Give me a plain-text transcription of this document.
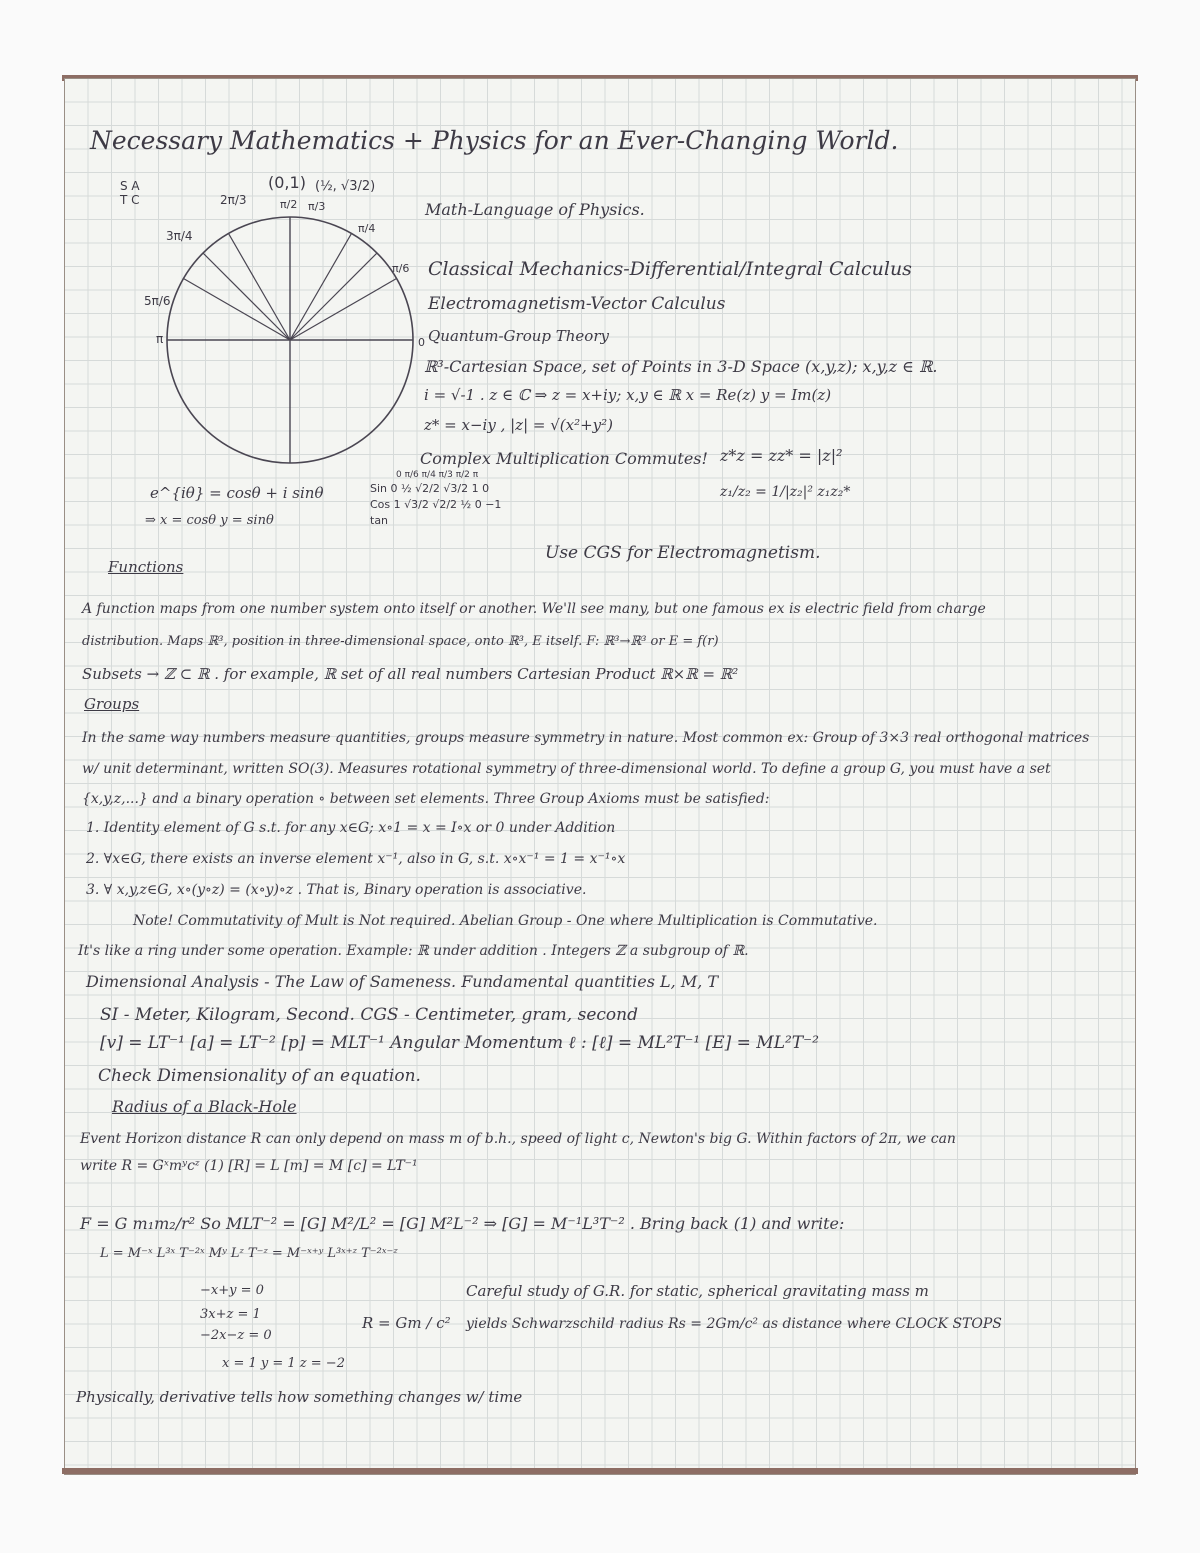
Necessary Mathematics + Physics for an Ever-Changing World.
S A
T C
(0,1) (½, √3/2)
2π/3
3π/4
5π/6
π
π/2 π/3
π/4
π/6
0
Math-Language of Physics.
Classical Mechanics-Differential/Integral Calculus
Electromagnetism-Vector Calculus
Quantum-Group Theory
ℝ³-Cartesian Space, set of Points in 3-D Space (x,y,z); x,y,z ∈ ℝ.
i = √-1 . z ∈ ℂ ⇒ z = x+iy; x,y ∈ ℝ x = Re(z) y = Im(z)
z* = x−iy , |z| = √(x²+y²)
Complex Multiplication Commutes! z*z = zz* = |z|²
z₁/z₂ = 1/|z₂|² z₁z₂*
e^{iθ} = cosθ + i sinθ
⇒ x = cosθ y = sinθ
0 π/6 π/4 π/3 π/2 π
Sin 0 ½ √2/2 √3/2 1 0
Cos 1 √3/2 √2/2 ½ 0 −1
tan
Use CGS for Electromagnetism.
Functions
A function maps from one number system onto itself or another. We'll see many, but one famous ex is electric field from charge
distribution. Maps ℝ³, position in three-dimensional space, onto ℝ³, E itself. F: ℝ³→ℝ³ or E = f(r)
Subsets → ℤ ⊂ ℝ . for example, ℝ set of all real numbers Cartesian Product ℝ×ℝ = ℝ²
Groups
In the same way numbers measure quantities, groups measure symmetry in nature. Most common ex: Group of 3×3 real orthogonal matrices
w/ unit determinant, written SO(3). Measures rotational symmetry of three-dimensional world. To define a group G, you must have a set
{x,y,z,...} and a binary operation ∘ between set elements. Three Group Axioms must be satisfied:
1. Identity element of G s.t. for any x∈G; x∘1 = x = I∘x or 0 under Addition
2. ∀x∈G, there exists an inverse element x⁻¹, also in G, s.t. x∘x⁻¹ = 1 = x⁻¹∘x
3. ∀ x,y,z∈G, x∘(y∘z) = (x∘y)∘z . That is, Binary operation is associative.
Note! Commutativity of Mult is Not required. Abelian Group - One where Multiplication is Commutative.
It's like a ring under some operation. Example: ℝ under addition . Integers ℤ a subgroup of ℝ.
Dimensional Analysis - The Law of Sameness. Fundamental quantities L, M, T
SI - Meter, Kilogram, Second. CGS - Centimeter, gram, second
[v] = LT⁻¹ [a] = LT⁻² [p] = MLT⁻¹ Angular Momentum ℓ : [ℓ] = ML²T⁻¹ [E] = ML²T⁻²
Check Dimensionality of an equation.
Radius of a Black-Hole
Event Horizon distance R can only depend on mass m of b.h., speed of light c, Newton's big G. Within factors of 2π, we can
write R = Gˣmʸcᶻ (1) [R] = L [m] = M [c] = LT⁻¹
F = G m₁m₂/r² So MLT⁻² = [G] M²/L² = [G] M²L⁻² ⇒ [G] = M⁻¹L³T⁻² . Bring back (1) and write:
L = M⁻ˣ L³ˣ T⁻²ˣ Mʸ Lᶻ T⁻ᶻ = M⁻ˣ⁺ʸ L³ˣ⁺ᶻ T⁻²ˣ⁻ᶻ
−x+y = 0
3x+z = 1
−2x−z = 0
x = 1 y = 1 z = −2
R = Gm / c²
Careful study of G.R. for static, spherical gravitating mass m
yields Schwarzschild radius Rs = 2Gm/c² as distance where CLOCK STOPS
Physically, derivative tells how something changes w/ time
